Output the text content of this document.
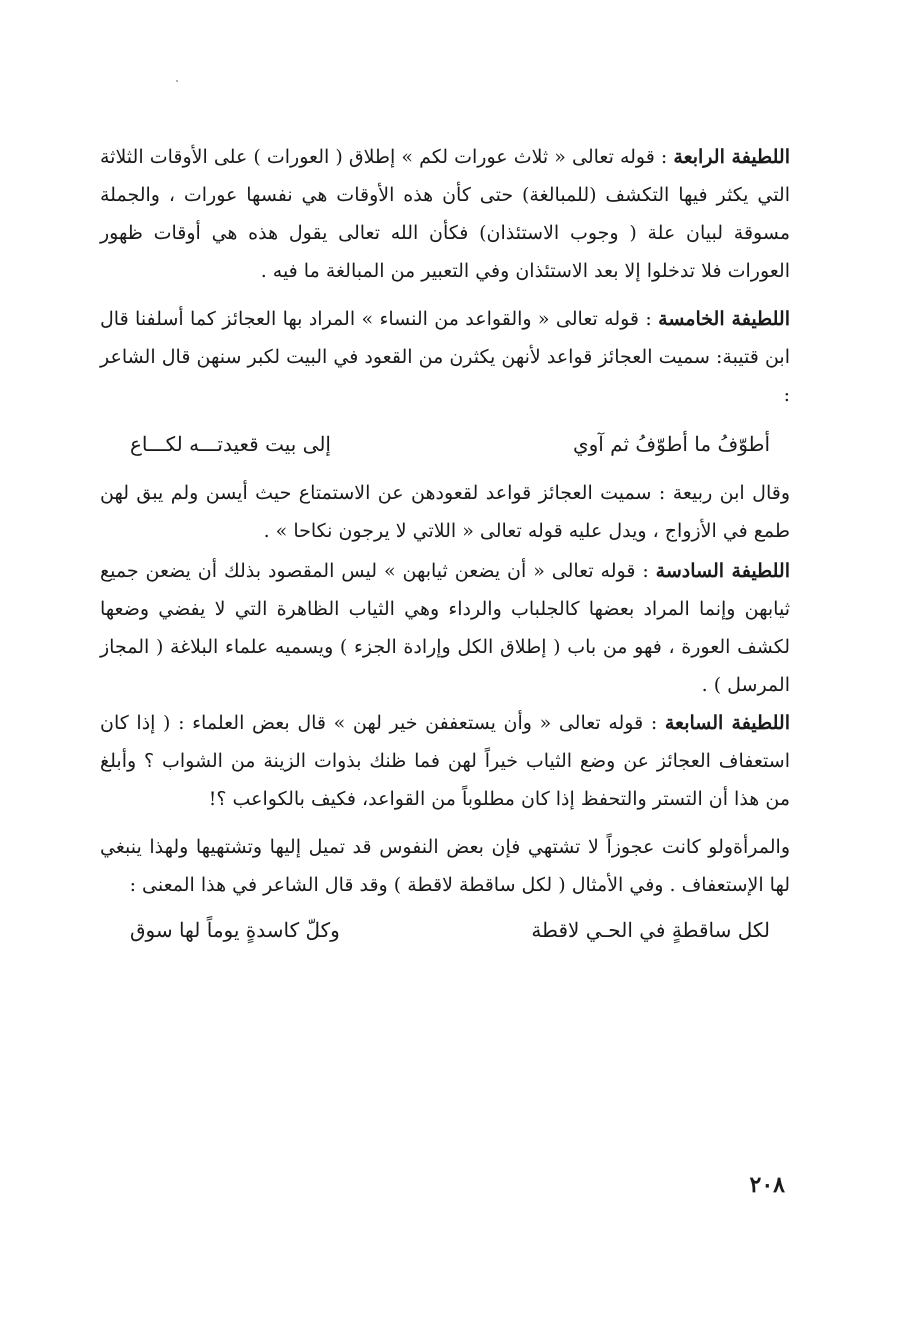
اللطيفة الرابعة : قوله تعالى « ثلاث عورات لكم » إطلاق ( العورات ) على الأوقات الثلاثة التي يكثر فيها التكشف (للمبالغة) حتى كأن هذه الأوقات هي نفسها عورات ، والجملة مسوقة لبيان علة ( وجوب الاستئذان) فكأن الله تعالى يقول هذه هي أوقات ظهور العورات فلا تدخلوا إلا بعد الاستئذان وفي التعبير من المبالغة ما فيه .

اللطيفة الخامسة : قوله تعالى « والقواعد من النساء » المراد بها العجائز كما أسلفنا قال ابن قتيبة: سميت العجائز قواعد لأنهن يكثرن من القعود في البيت لكبر سنهن قال الشاعر :

أطوّفُ ما أطوّفُ ثم آوي
إلى بيت قعيدتـــه لكـــاع

وقال ابن ربيعة : سميت العجائز قواعد لقعودهن عن الاستمتاع حيث أيسن ولم يبق لهن طمع في الأزواج ، ويدل عليه قوله تعالى « اللاتي لا يرجون نكاحا » .

اللطيفة السادسة : قوله تعالى « أن يضعن ثيابهن » ليس المقصود بذلك أن يضعن جميع ثيابهن وإنما المراد بعضها كالجلباب والرداء وهي الثياب الظاهرة التي لا يفضي وضعها لكشف العورة ، فهو من باب ( إطلاق الكل وإرادة الجزء ) ويسميه علماء البلاغة ( المجاز المرسل ) .

اللطيفة السابعة : قوله تعالى « وأن يستعففن خير لهن » قال بعض العلماء : ( إذا كان استعفاف العجائز عن وضع الثياب خيراً لهن فما ظنك بذوات الزينة من الشواب ؟ وأبلغ من هذا أن التستر والتحفظ إذا كان مطلوباً من القواعد، فكيف بالكواعب ؟!

والمرأةولو كانت عجوزاً لا تشتهي فإن بعض النفوس قد تميل إليها وتشتهيها ولهذا ينبغي لها الإستعفاف . وفي الأمثال ( لكل ساقطة لاقطة ) وقد قال الشاعر في هذا المعنى :

لكل ساقطةٍ في الحـي لاقطة
وكلّ كاسدةٍ يوماً لها سوق
٢٠٨
